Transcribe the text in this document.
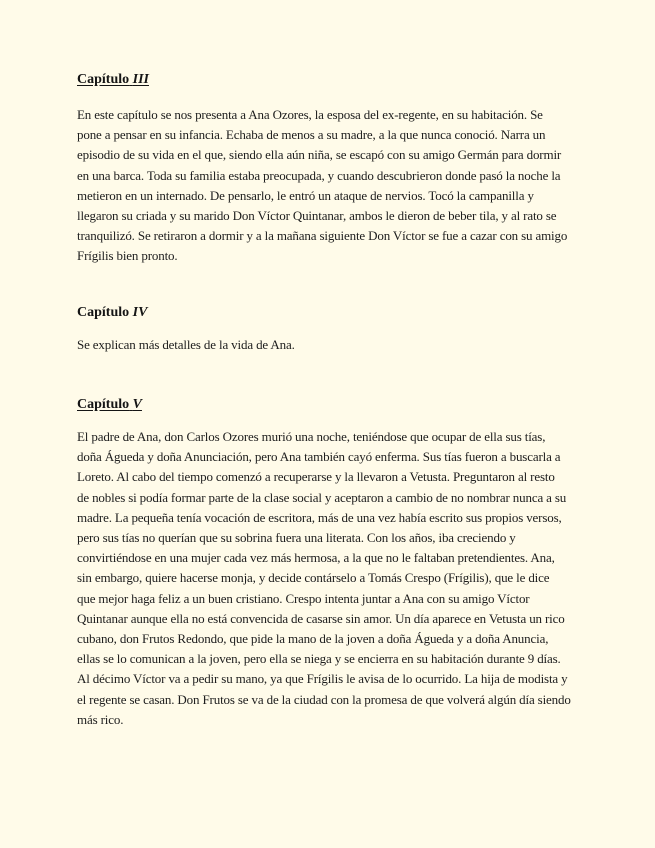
Capítulo III
En este capítulo se nos presenta a Ana Ozores, la esposa del ex-regente, en su habitación. Se
pone a pensar en su infancia. Echaba de menos a su madre, a la que nunca conoció. Narra un
episodio de su vida en el que, siendo ella aún niña, se escapó con su amigo Germán para dormir
en una barca. Toda su familia estaba preocupada, y cuando descubrieron donde pasó la noche la
metieron en un internado. De pensarlo, le entró un ataque de nervios. Tocó la campanilla y
llegaron su criada y su marido Don Víctor Quintanar, ambos le dieron de beber tila, y al rato se
tranquilizó. Se retiraron a dormir y a la mañana siguiente Don Víctor se fue a cazar con su amigo
Frígilis bien pronto.
Capítulo IV
Se explican más detalles de la vida de Ana.
Capítulo V
El padre de Ana, don Carlos Ozores murió una noche, teniéndose que ocupar de ella sus tías,
doña Águeda y doña Anunciación, pero Ana también cayó enferma. Sus tías fueron a buscarla a
Loreto. Al cabo del tiempo comenzó a recuperarse y la llevaron a Vetusta. Preguntaron al resto
de nobles si podía formar parte de la clase social y aceptaron a cambio de no nombrar nunca a su
madre. La pequeña tenía vocación de escritora, más de una vez había escrito sus propios versos,
pero sus tías no querían que su sobrina fuera una literata. Con los años, iba creciendo y
convirtiéndose en una mujer cada vez más hermosa, a la que no le faltaban pretendientes. Ana,
sin embargo, quiere hacerse monja, y decide contárselo a Tomás Crespo (Frígilis), que le dice
que mejor haga feliz a un buen cristiano. Crespo intenta juntar a Ana con su amigo Víctor
Quintanar aunque ella no está convencida de casarse sin amor. Un día aparece en Vetusta un rico
cubano, don Frutos Redondo, que pide la mano de la joven a doña Águeda y a doña Anuncia,
ellas se lo comunican a la joven, pero ella se niega y se encierra en su habitación durante 9 días.
Al décimo Víctor va a pedir su mano, ya que Frígilis le avisa de lo ocurrido. La hija de modista y
el regente se casan. Don Frutos se va de la ciudad con la promesa de que volverá algún día siendo
más rico.
